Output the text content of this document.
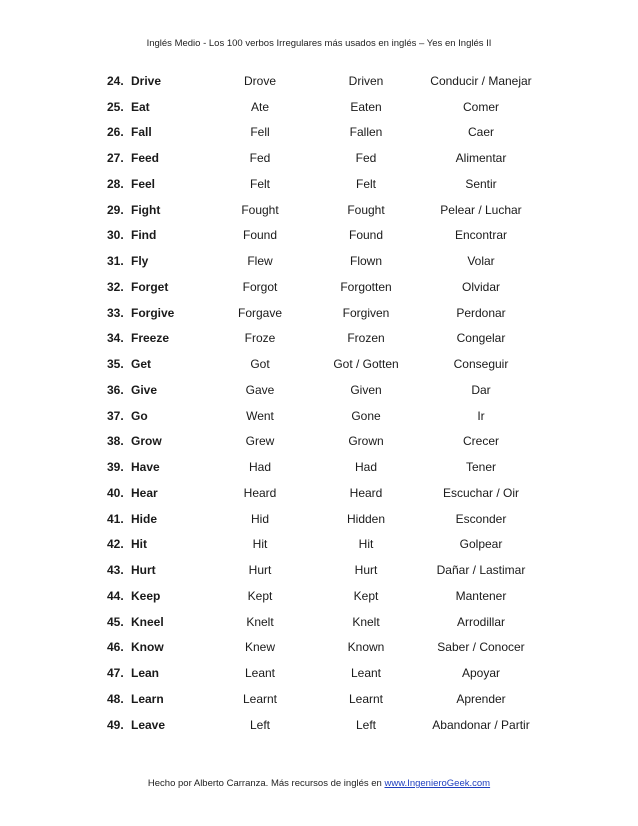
Inglés Medio - Los 100 verbos Irregulares más usados en inglés – Yes en Inglés II
24.	Drive	Drove	Driven	Conducir / Manejar
25.	Eat	Ate	Eaten	Comer
26.	Fall	Fell	Fallen	Caer
27.	Feed	Fed	Fed	Alimentar
28.	Feel	Felt	Felt	Sentir
29.	Fight	Fought	Fought	Pelear / Luchar
30.	Find	Found	Found	Encontrar
31.	Fly	Flew	Flown	Volar
32.	Forget	Forgot	Forgotten	Olvidar
33.	Forgive	Forgave	Forgiven	Perdonar
34.	Freeze	Froze	Frozen	Congelar
35.	Get	Got	Got / Gotten	Conseguir
36.	Give	Gave	Given	Dar
37.	Go	Went	Gone	Ir
38.	Grow	Grew	Grown	Crecer
39.	Have	Had	Had	Tener
40.	Hear	Heard	Heard	Escuchar / Oir
41.	Hide	Hid	Hidden	Esconder
42.	Hit	Hit	Hit	Golpear
43.	Hurt	Hurt	Hurt	Dañar / Lastimar
44.	Keep	Kept	Kept	Mantener
45.	Kneel	Knelt	Knelt	Arrodillar
46.	Know	Knew	Known	Saber / Conocer
47.	Lean	Leant	Leant	Apoyar
48.	Learn	Learnt	Learnt	Aprender
49.	Leave	Left	Left	Abandonar / Partir
Hecho por Alberto Carranza. Más recursos de inglés en www.IngenieroGeek.com
